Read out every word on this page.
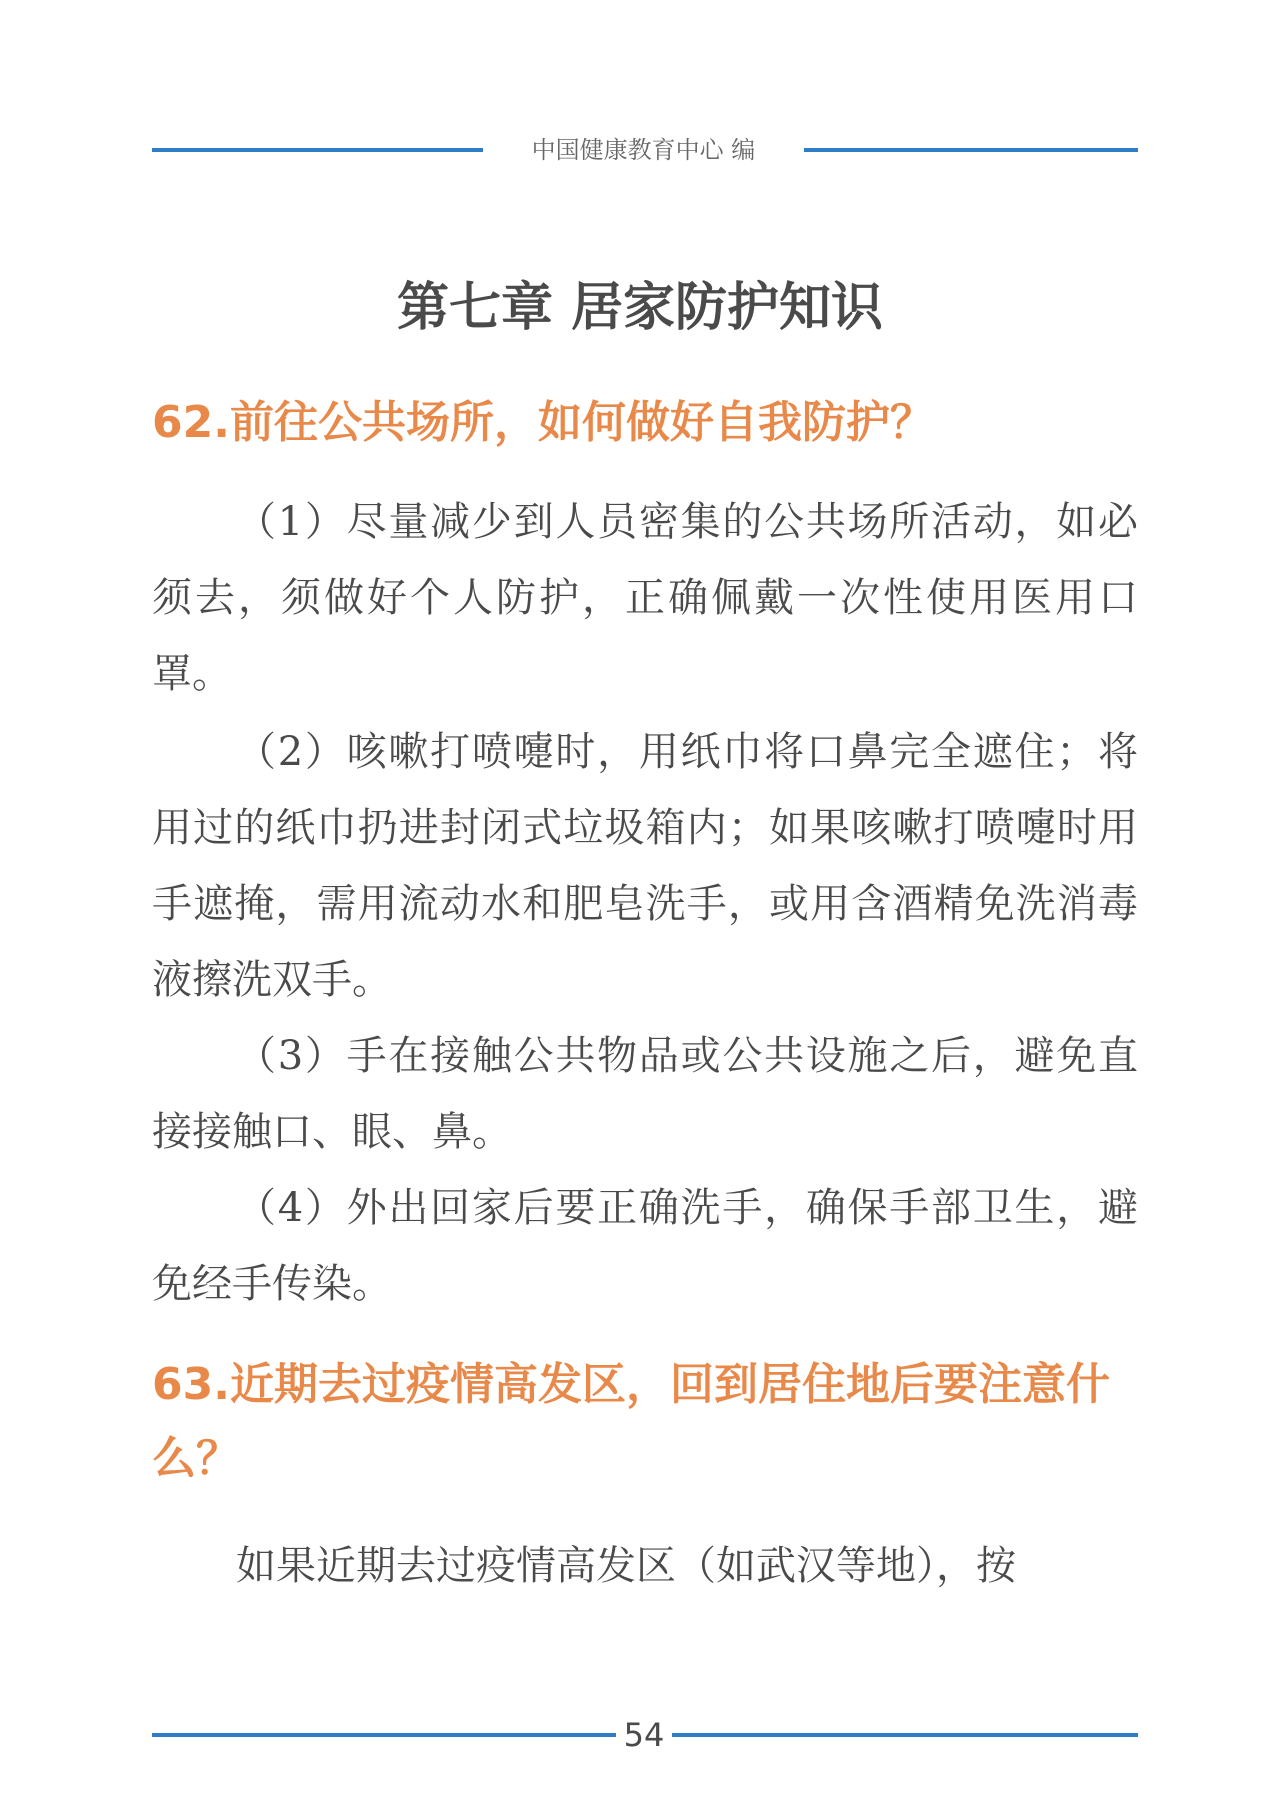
中国健康教育中心 编
第七章 居家防护知识
62.前往公共场所，如何做好自我防护？

（1）尽量减少到人员密集的公共场所活动，如必须去，须做好个人防护，正确佩戴一次性使用医用口罩。

（2）咳嗽打喷嚏时，用纸巾将口鼻完全遮住；将用过的纸巾扔进封闭式垃圾箱内；如果咳嗽打喷嚏时用手遮掩，需用流动水和肥皂洗手，或用含酒精免洗消毒液擦洗双手。

（3）手在接触公共物品或公共设施之后，避免直接接触口、眼、鼻。

（4）外出回家后要正确洗手，确保手部卫生，避免经手传染。

63.近期去过疫情高发区，回到居住地后要注意什么？

如果近期去过疫情高发区（如武汉等地），按

54
